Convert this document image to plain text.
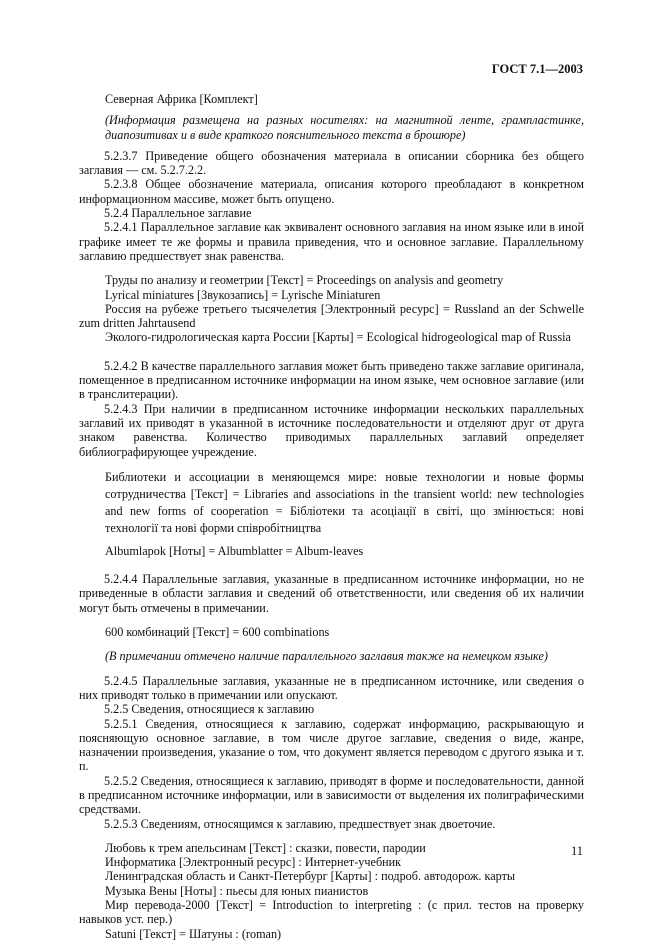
ГОСТ 7.1—2003

Северная Африка [Комплект]

(Информация размещена на разных носителях: на магнитной ленте, грампластинке, диапозитивах и в виде краткого пояснительного текста в брошюре)

5.2.3.7 Приведение общего обозначения материала в описании сборника без общего заглавия — см. 5.2.7.2.2.

5.2.3.8 Общее обозначение материала, описания которого преобладают в конкретном информационном массиве, может быть опущено.

5.2.4 Параллельное заглавие

5.2.4.1 Параллельное заглавие как эквивалент основного заглавия на ином языке или в иной графике имеет те же формы и правила приведения, что и основное заглавие. Параллельному заглавию предшествует знак равенства.

Труды по анализу и геометрии [Текст] = Proceedings on analysis and geometry

Lyrical miniatures [Звукозапись] = Lyrische Miniaturen

Россия на рубеже третьего тысячелетия [Электронный ресурс] = Russland an der Schwelle zum dritten Jahrtausend

Эколого-гидрологическая карта России [Карты] = Ecological hidrogeological map of Russia

5.2.4.2 В качестве параллельного заглавия может быть приведено также заглавие оригинала, помещенное в предписанном источнике информации на ином языке, чем основное заглавие (или в транслитерации).

5.2.4.3 При наличии в предписанном источнике информации нескольких параллельных заглавий их приводят в указанной в источнике последовательности и отделяют друг от друга знаком равенства. Количество приводимых параллельных заглавий определяет библиографирующее учреждение.

Библиотеки и ассоциации в меняющемся мире: новые технологии и новые формы сотрудничества [Текст] = Libraries and associations in the transient world: new technologies and new forms of cooperation = Бібліотеки та асоціації в світі, що змінюється: нові технології та нові форми співробітництва

Albumlapok [Ноты] = Albumblatter = Album-leaves

5.2.4.4 Параллельные заглавия, указанные в предписанном источнике информации, но не приведенные в области заглавия и сведений об ответственности, или сведения об их наличии могут быть отмечены в примечании.

600 комбинаций [Текст] = 600 combinations

(В примечании отмечено наличие параллельного заглавия также на немецком языке)

5.2.4.5 Параллельные заглавия, указанные не в предписанном источнике, или сведения о них приводят только в примечании или опускают.

5.2.5 Сведения, относящиеся к заглавию

5.2.5.1 Сведения, относящиеся к заглавию, содержат информацию, раскрывающую и поясняющую основное заглавие, в том числе другое заглавие, сведения о виде, жанре, назначении произведения, указание о том, что документ является переводом с другого языка и т. п.

5.2.5.2 Сведения, относящиеся к заглавию, приводят в форме и последовательности, данной в предписанном источнике информации, или в зависимости от выделения их полиграфическими средствами.

5.2.5.3 Сведениям, относящимся к заглавию, предшествует знак двоеточие.

Любовь к трем апельсинам [Текст] : сказки, повести, пародии

Информатика [Электронный ресурс] : Интернет-учебник

Ленинградская область и Санкт-Петербург [Карты] : подроб. автодорож. карты

Музыка Вены [Ноты] : пьесы для юных пианистов

Мир перевода-2000 [Текст] = Introduction to interpreting : (с прил. тестов на проверку навыков уст. пер.)

Satuni [Текст] = Шатуны : (roman)

11
